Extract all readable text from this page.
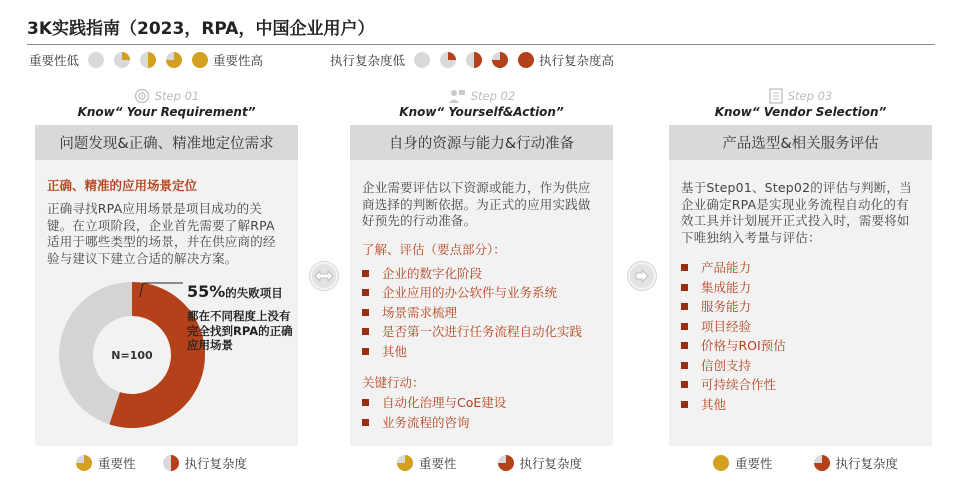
3K实践指南（2023，RPA，中国企业用户）
重要性低	重要性高	执行复杂度低	执行复杂度高
Step 01
Know“ Your Requirement”
Step 02
Know“ Yourself&Action”
Step 03
Know“ Vendor Selection”
问题发现&正确、精准地定位需求
正确、精准的应用场景定位
正确寻找RPA应用场景是项目成功的关键。在立项阶段，企业首先需要了解RPA适用于哪些类型的场景，并在供应商的经验与建议下建立合适的解决方案。
N=100
55%的失败项目
都在不同程度上没有完全找到RPA的正确应用场景
自身的资源与能力&行动准备
企业需要评估以下资源或能力，作为供应商选择的判断依据。为正式的应用实践做好预先的行动准备。
了解、评估（要点部分）：
企业的数字化阶段
企业应用的办公软件与业务系统
场景需求梳理
是否第一次进行任务流程自动化实践
其他
关键行动：
自动化治理与CoE建设
业务流程的咨询
产品选型&相关服务评估
基于Step01、Step02的评估与判断，当企业确定RPA是实现业务流程自动化的有效工具并计划展开正式投入时，需要将如下唯独纳入考量与评估：
产品能力
集成能力
服务能力
项目经验
价格与ROI预估
信创支持
可持续合作性
其他
重要性	执行复杂度	重要性	执行复杂度	重要性	执行复杂度
